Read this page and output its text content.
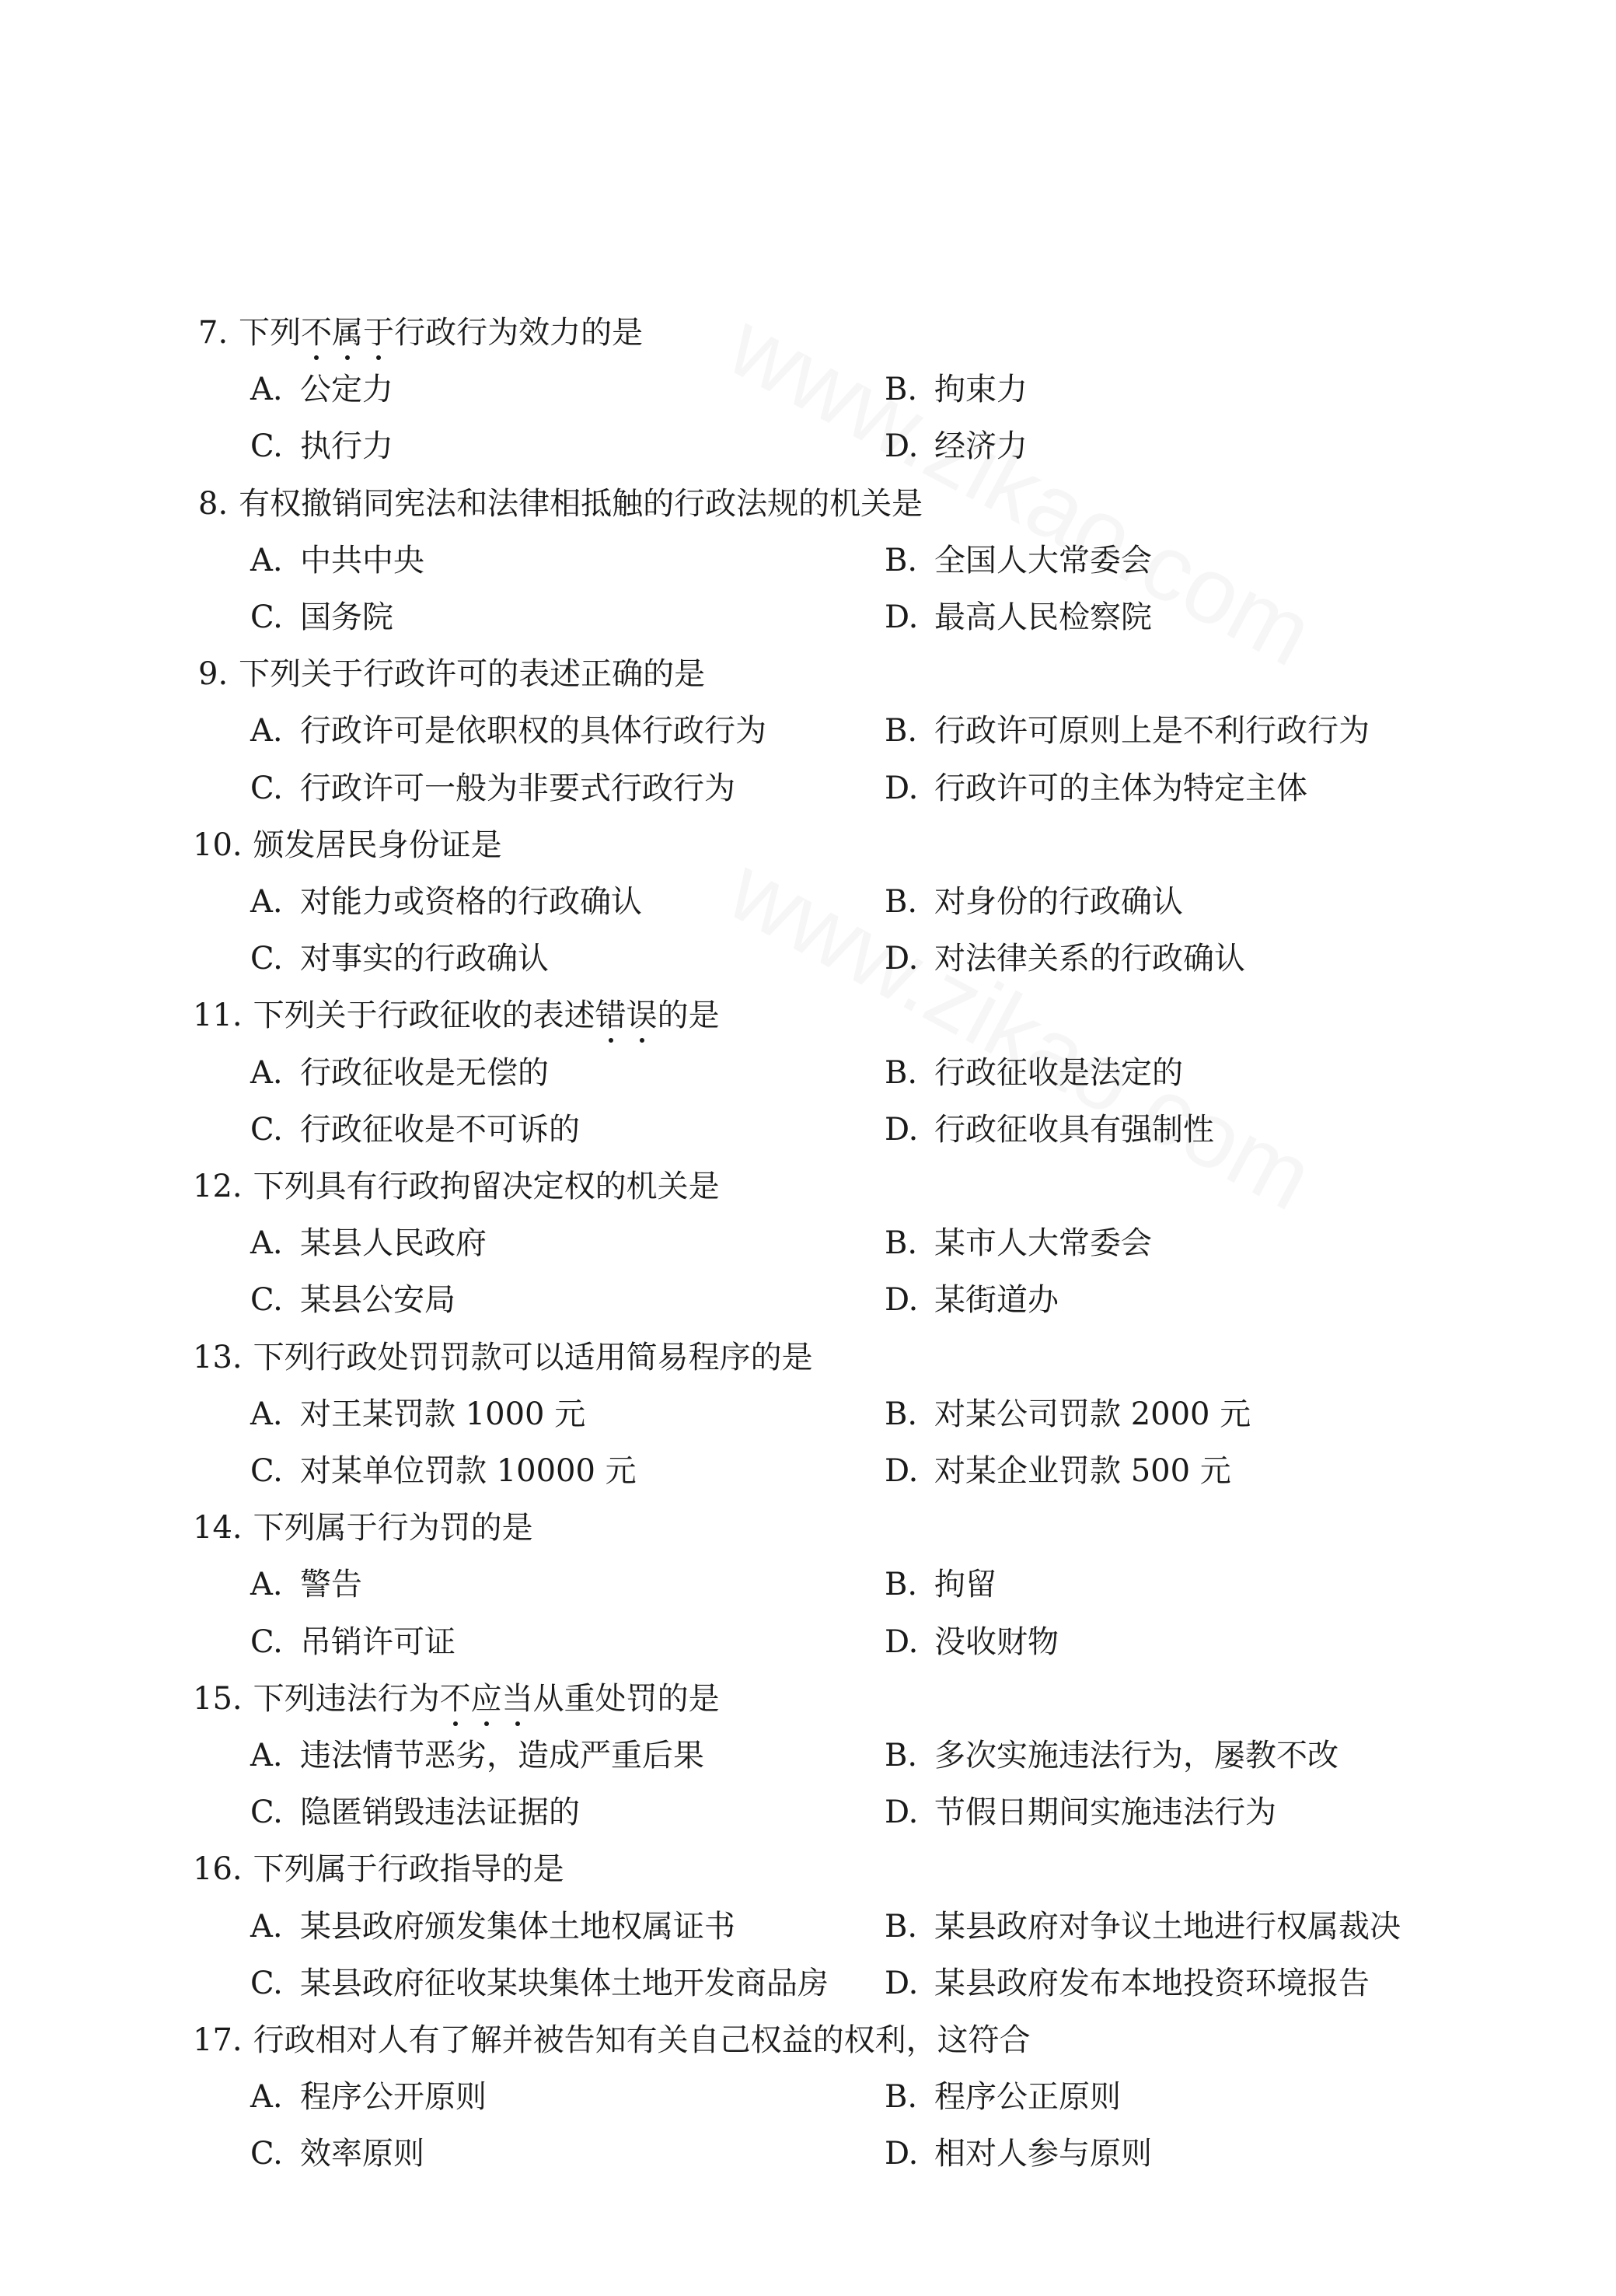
7. 下列不属于行政行为效力的是
A. 公定力	B. 拘束力
C. 执行力	D. 经济力
8. 有权撤销同宪法和法律相抵触的行政法规的机关是
A. 中共中央	B. 全国人大常委会
C. 国务院	D. 最高人民检察院
9. 下列关于行政许可的表述正确的是
A. 行政许可是依职权的具体行政行为	B. 行政许可原则上是不利行政行为
C. 行政许可一般为非要式行政行为	D. 行政许可的主体为特定主体
10. 颁发居民身份证是
A. 对能力或资格的行政确认	B. 对身份的行政确认
C. 对事实的行政确认	D. 对法律关系的行政确认
11. 下列关于行政征收的表述错误的是
A. 行政征收是无偿的	B. 行政征收是法定的
C. 行政征收是不可诉的	D. 行政征收具有强制性
12. 下列具有行政拘留决定权的机关是
A. 某县人民政府	B. 某市人大常委会
C. 某县公安局	D. 某街道办
13. 下列行政处罚罚款可以适用简易程序的是
A. 对王某罚款 1000 元	B. 对某公司罚款 2000 元
C. 对某单位罚款 10000 元	D. 对某企业罚款 500 元
14. 下列属于行为罚的是
A. 警告	B. 拘留
C. 吊销许可证	D. 没收财物
15. 下列违法行为不应当从重处罚的是
A. 违法情节恶劣，造成严重后果	B. 多次实施违法行为，屡教不改
C. 隐匿销毁违法证据的	D. 节假日期间实施违法行为
16. 下列属于行政指导的是
A. 某县政府颁发集体土地权属证书	B. 某县政府对争议土地进行权属裁决
C. 某县政府征收某块集体土地开发商品房 D. 某县政府发布本地投资环境报告
17. 行政相对人有了解并被告知有关自己权益的权利，这符合
A. 程序公开原则	B. 程序公正原则
C. 效率原则	D. 相对人参与原则
